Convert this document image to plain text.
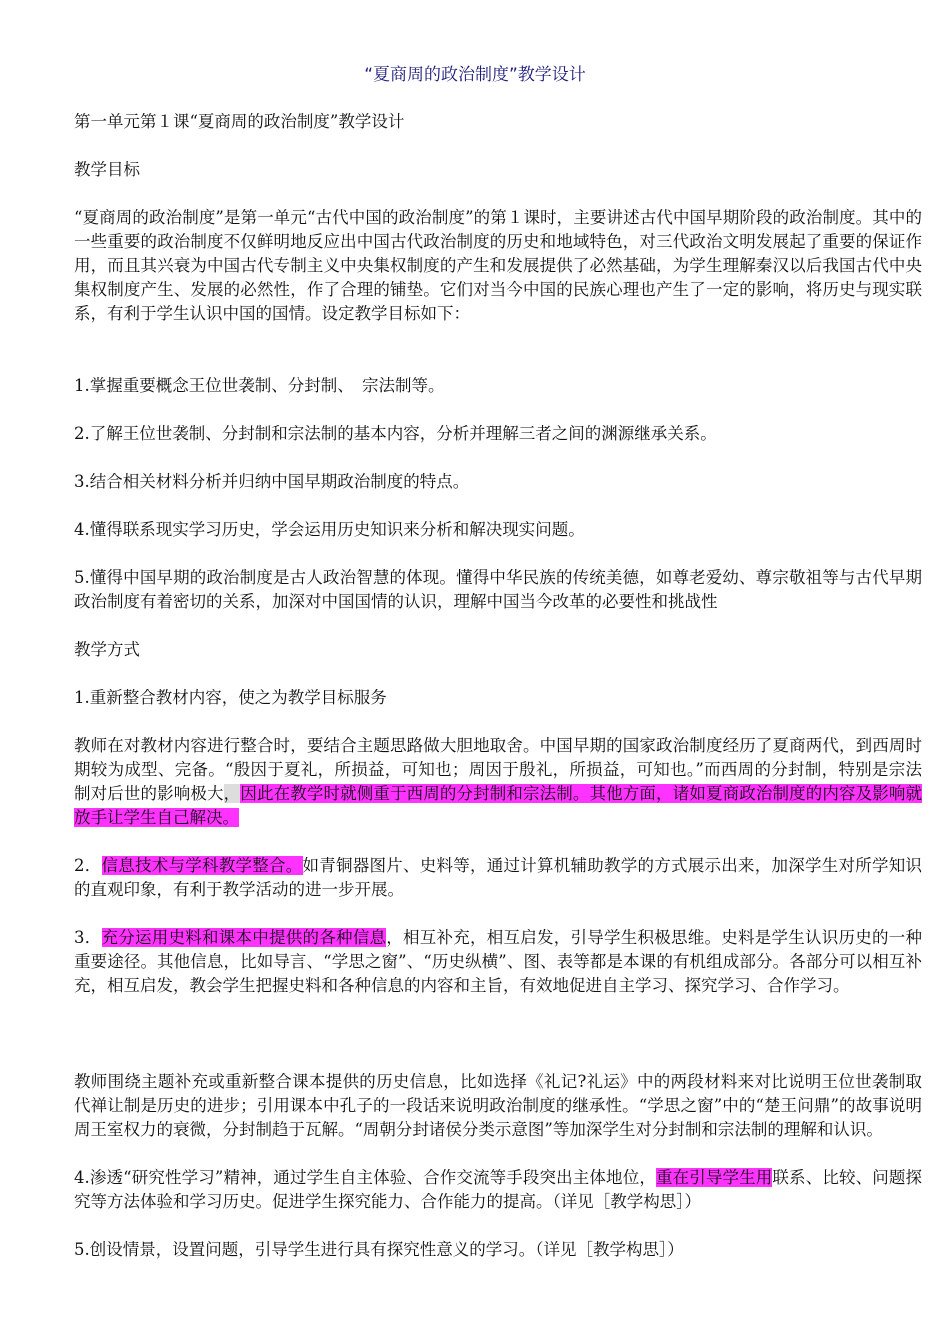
“夏商周的政治制度”教学设计

第一单元第１课“夏商周的政治制度”教学设计

教学目标

“夏商周的政治制度”是第一单元“古代中国的政治制度”的第１课时，主要讲述古代中国早期阶段的政治制度。其中的一些重要的政治制度不仅鲜明地反应出中国古代政治制度的历史和地域特色，对三代政治文明发展起了重要的保证作用，而且其兴衰为中国古代专制主义中央集权制度的产生和发展提供了必然基础，为学生理解秦汉以后我国古代中央集权制度产生、发展的必然性，作了合理的铺垫。它们对当今中国的民族心理也产生了一定的影响，将历史与现实联系，有利于学生认识中国的国情。设定教学目标如下：

1.掌握重要概念王位世袭制、分封制、　宗法制等。

2.了解王位世袭制、分封制和宗法制的基本内容，分析并理解三者之间的渊源继承关系。

3.结合相关材料分析并归纳中国早期政治制度的特点。

4.懂得联系现实学习历史，学会运用历史知识来分析和解决现实问题。

5.懂得中国早期的政治制度是古人政治智慧的体现。懂得中华民族的传统美德，如尊老爱幼、尊宗敬祖等与古代早期政治制度有着密切的关系，加深对中国国情的认识，理解中国当今改革的必要性和挑战性

教学方式

1.重新整合教材内容，使之为教学目标服务

教师在对教材内容进行整合时，要结合主题思路做大胆地取舍。中国早期的国家政治制度经历了夏商两代，到西周时期较为成型、完备。“殷因于夏礼，所损益，可知也；周因于殷礼，所损益，可知也。”而西周的分封制，特别是宗法制对后世的影响极大，因此在教学时就侧重于西周的分封制和宗法制。其他方面，诸如夏商政治制度的内容及影响就放手让学生自己解决。

2．信息技术与学科教学整合。如青铜器图片、史料等，通过计算机辅助教学的方式展示出来，加深学生对所学知识的直观印象，有利于教学活动的进一步开展。

3．充分运用史料和课本中提供的各种信息，相互补充，相互启发，引导学生积极思维。史料是学生认识历史的一种重要途径。其他信息，比如导言、“学思之窗”、“历史纵横”、图、表等都是本课的有机组成部分。各部分可以相互补充，相互启发，教会学生把握史料和各种信息的内容和主旨，有效地促进自主学习、探究学习、合作学习。

教师围绕主题补充或重新整合课本提供的历史信息，比如选择《礼记?礼运》中的两段材料来对比说明王位世袭制取代禅让制是历史的进步；引用课本中孔子的一段话来说明政治制度的继承性。“学思之窗”中的“楚王问鼎”的故事说明周王室权力的衰微，分封制趋于瓦解。“周朝分封诸侯分类示意图”等加深学生对分封制和宗法制的理解和认识。

4.渗透“研究性学习”精神，通过学生自主体验、合作交流等手段突出主体地位，重在引导学生用联系、比较、问题探究等方法体验和学习历史。促进学生探究能力、合作能力的提高。（详见［教学构思］）

5.创设情景，设置问题，引导学生进行具有探究性意义的学习。（详见［教学构思］）
